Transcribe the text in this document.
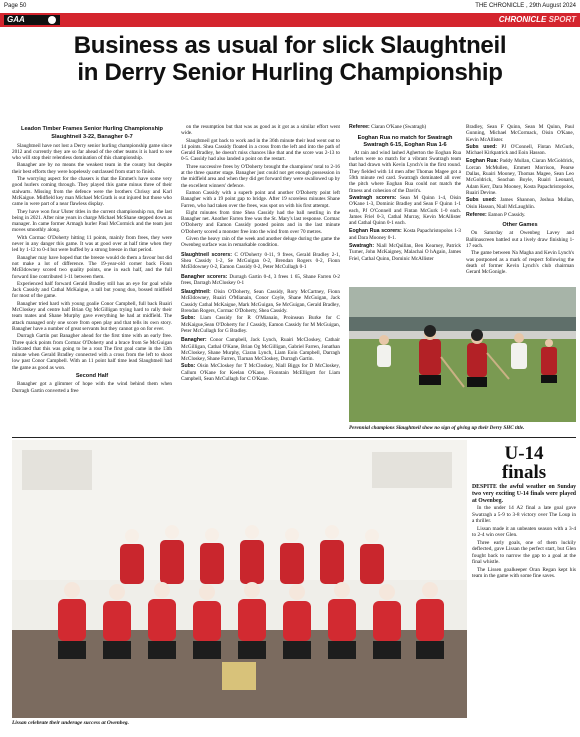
Page 50	THE CHRONICLE , 29th August 2024
GAA	CHRONICLE SPORT
Business as usual for slick Slaughtneil
in Derry Senior Hurling Championship
Leadon Timber Frames Senior Hurling Championship
Slaughtneil 3-22, Banagher 0-7

Slaughtneil have not lost a Derry senior hurling championship game since 2012 and currently they are so far ahead of the other teams it is hard to see who will stop their relentless domination of this championship.

Banagher are by no means the weakest team in the county but despite their best efforts they were hopelessly outclassed from start to finish.

The worrying aspect for the chasers is that the Emmet's have some very good hurlers coming through. They played this game minus three of their stalwarts. Missing from the defence were the brothers Chrissy and Karl McKaigue. Midfield key man Michael McGrath is out injured but those who came in were part of a near flawless display.

They have won four Ulster titles in the current championship run, the last being in 2021. After nine years in charge Michael McShane stepped down as manager. In came former Armagh hurler Paul McCormick and the team just moves smoothly along.

With Cormac O'Doherty hitting 11 points, mainly from frees, they were never in any danger this game. It was at good over at half time when they led by 1-12 to 0-4 but were buffed by a strong breeze in that period.

Banagher may have hoped that the breeze would do them a favour but did not make a lot of difference. The 19-year-old corner back Fionn McEldowney scored two quality points, one in each half, and the full forward line contributed 1-11 between them.

Experienced half forward Gerald Bradley still has an eye for goal while Jack Cassidy and Cathal McKaigue, a tall but young duo, bossed midfield for most of the game.

Banagher tried hard with young goalie Conor Campbell, full back Ruairi McCloskey and centre half Brian Og McGilligan trying hard to rally their team mates and Shane Murphy gave everything he had at midfield. The attack managed only one score from open play and that tells its own story. Banagher have a number of great servants but they cannot go on for ever.

Durragh Gartin put Banagher ahead for the first time with an early free. Three quick points from Cormac O'Doherty and a brace from Se McGuigan indicated that this was going to be a rout The first goal came in the 13th minute when Gerald Bradley connected with a cross from the left to shoot low past Conor Campbell. With an 11 point half time lead Slaughtneil had the game as good as won.

Second Half

Banagher got a glimmer of hope with the wind behind them when Durragh Gartin converted a free

on the resumption but that was as good as it got as a similar effort went wide.

Slaughtneil got back to work and in the 36th minute their lead went out to 14 points. Shea Cassidy floated in a cross from the left and into the path of Gerald Bradley, he doesn't miss chances like that and the score was 2-13 to 0-5. Cassidy had also landed a point on the restart.

Three successive frees by O'Doherty brought the champions' total to 2-16 at the three quarter stage. Banagher just could not get enough possession in the midfield area and when they did get forward they were swallowed up by the excellent winners' defence.

Eamon Cassidy with a superb point and another O'Doherty point left Banagher with a 19 point gap to bridge. After 19 scoreless minutes Shane Farren, who had taken over the frees, was spot on with his first attempt.

Eight minutes from time Shea Cassidy had the ball nestling in the Banagher net. Another Farren free was the St. Mary's last response. Cormac O'Doherty and Eamon Cassidy posted points and in the last minute O'Doherty scored a monster free into the wind from over 70 metres.

Given the heavy rain of the week and another deluge during the game the Owenbeg surface was in remarkable condition.

Slaughtneil scorers: C O'Doherty 0-11, 9 frees, Gerald Bradley 2-1, Shea Cassidy 1-2, Se McGuigan 0-2, Brendan Rogers 0-2, Fionn McEldowney 0-2, Eamon Cassidy 0-2, Peter McCullagh 0-1

Banagher scorers: Durragh Gartin 0-4, 3 frees 1 65, Shane Farren 0-2 frees, Darragh McCloskey 0-1

Slaughtneil: Oisin O'Doherty, Sean Cassidy, Rory McCartney, Fionn McEldowney, Ruairi O'Mianain, Conor Coyle, Shane McGuigan, Jack Cassidy Cathal McKaigue, Mark McGuigan, Se McGuigan, Gerald Bradley, Brendan Rogers, Cormac O'Doherty, Shea Cassidy.

Subs: Liam Cassidy for R O'Mianain, Proinsean Burke for C McKaigue,Sean O'Doherty for J Cassidy, Eamon Cassidy for M McGuigan, Peter McCullagh for G Bradley.

Banagher: Conor Campbell, Jack Lynch, Ruairi McCloskey, Cathair McGilligan, Cathal O'Kane, Brian Og McGilligan, Gabriel Farren, Jonathan McCloskey, Shane Murphy, Ciaran Lynch, Liam Eoin Campbell, Darragh McCloskey, Shane Farren, Tiarnan McCloskey, Durragh Gartin.

Subs: Oisin McCloskey for T McCloskey, Niall Biggs for D McCloskey, Callum O'Kane for Keelan O'Kane, Fionntain McElligott for Liam Campbell, Sean McCullagh for C O'Kane.

Referee: Ciaran O'Kane (Swatragh)

Eoghan Rua no match for Swatragh Swatragh 6-15, Eoghan Rua 1-6

At rain and wind lashed Agherton the Eoghan Rua hurlers were no match for a vibrant Swatragh team that had drawn with Kevin Lynch's in the first round. They fielded with 14 men after Thomas Magee got a 59th minute red card. Swatragh dominated all over the pitch where Eoghan Rua could not match the fitness and cohesion of the Davit's.

Swatragh scorers: Sean M Quinn 1-4, Oisin O'Kane 1-3, Dominic Bradley and Sean F Quinn 1-1 each, PJ O'Connell and Fintan McGurk 1-0 each. James Friel 0-3, Cathal Murray, Kevin McAllister and Cathal Quinn 0-1 each.

Eoghan Rua scorers: Kosta Papachristopolos 1-3 and Dara Mooney 0-1.

Swatragh: Niall McQuillan, Ben Kearney, Patrick Turner, John McKaigney, Malachai O hAgain, James Friel, Cathal Quinn, Dominic McAllister

Bradley, Sean F Quinn, Sean M Quinn, Paul Gunning, Michael McCormack, Oisin O'Kane, Kevin McAllister.

Subs used: PJ O'Connell, Fintan McGurk, Michael Kirkpatrick and Eoin Hasson.

Eoghan Rua: Paddy Mullan, Ciaran McGoldrick, Lorcan McMullen, Emmett Morrison, Pearse Dallas, Ruairi Mooney, Thomas Magee, Sean Leo McGoldrick, Seachan Boyle, Ruairi Leonard, Adam Kerr, Dara Mooney, Kosta Papachristopolos, Ruairi Devine.

Subs used: James Shannon, Joshua Mullan, Oisin Hasson, Niall McLaughlin.

Referee: Eamon P Cassidy.

Other Games

On Saturday at Owenbeg Lavey and Ballinascreen battled out a lively draw finishing 1-17 each.

The game between Na Magha and Kevin Lynch's was postponed as a mark of respect following the death of former Kevin Lynch's club chairman Gerard McGonigle.

Perennial champions Slaughtneil show no sign of giving up their Derry SHC title.
Lissan celebrate their underage success at Owenbeg.
U-14
finals

DESPITE the awful weather on Sunday two very exciting U-14 finals were played at Owenbeg.

In the under 14 A2 final a late goal gave Swatragh a 5-9 to 3-8 victory over The Loup in a thriller.

Lissan made it an unbeaten season with a 3-4 to 2-4 win over Glen.

Three early goals, one of them luckily deflected, gave Lissan the perfect start, but Glen fought back to narrow the gap to a goal at the final whistle.

The Lissen goalkeeper Oran Regan kept his team in the game with some fine saves.
